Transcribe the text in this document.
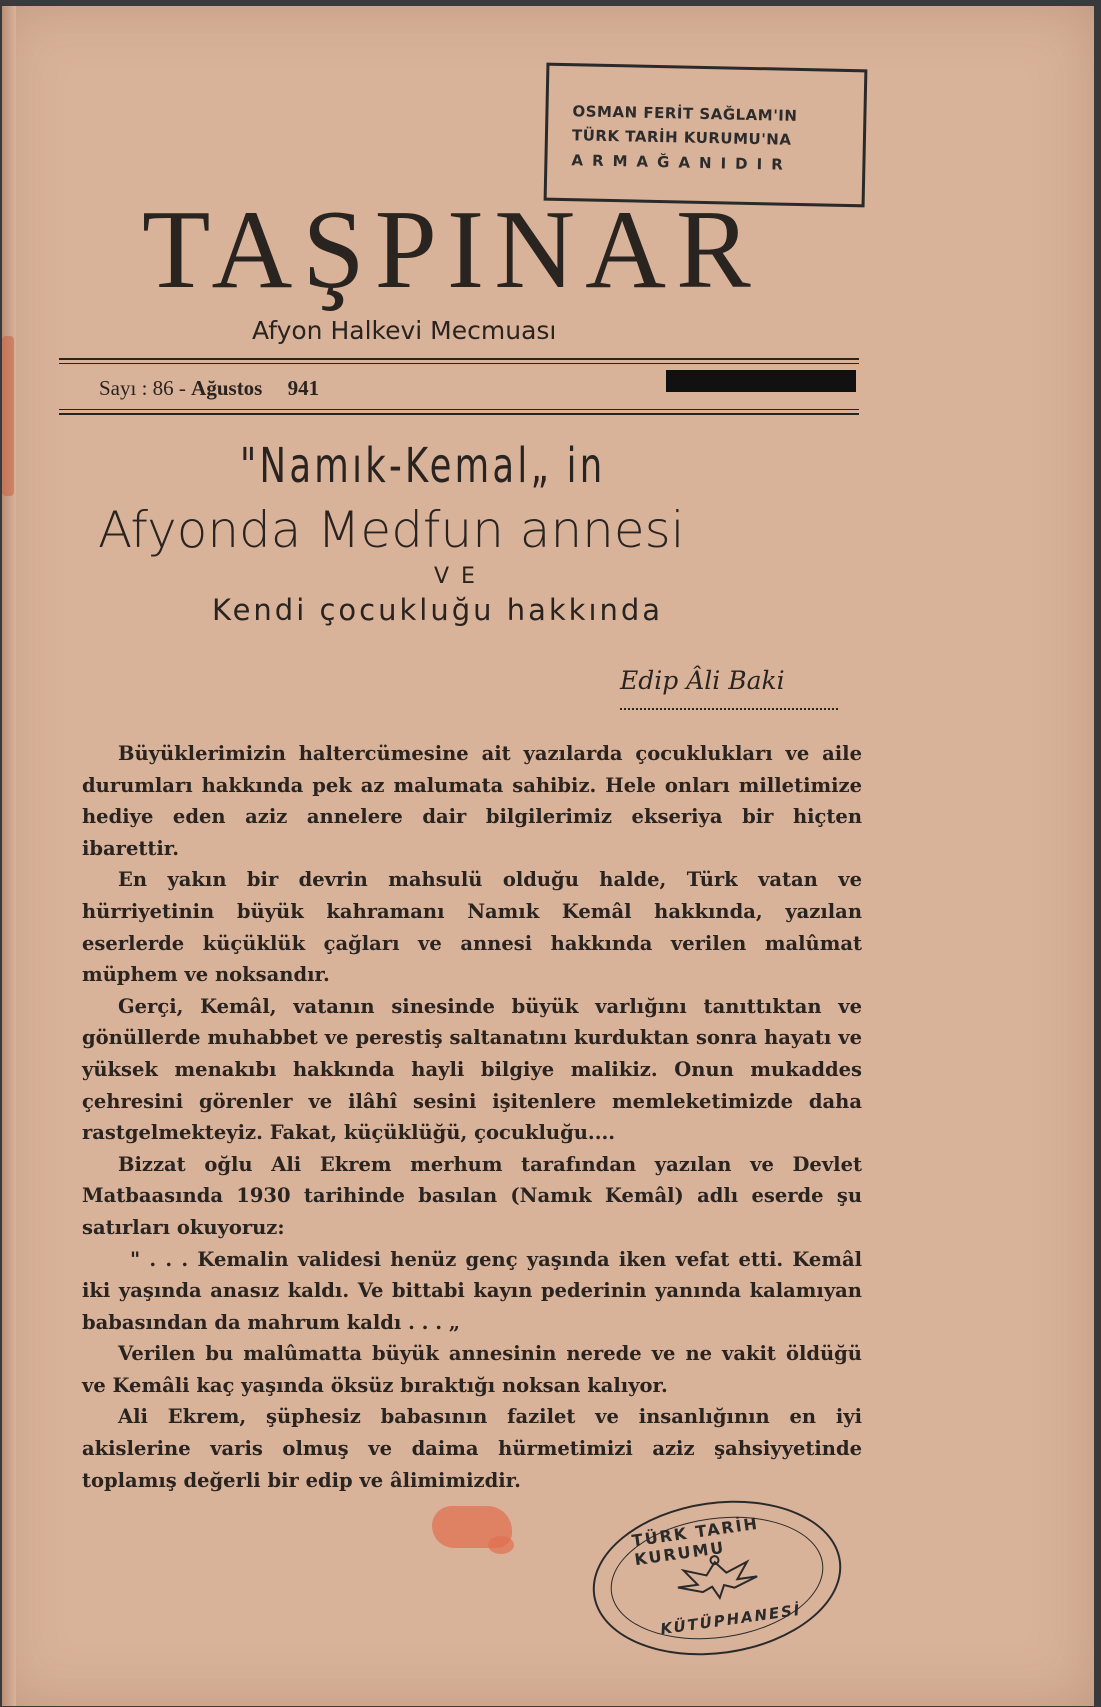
OSMAN FERİT SAĞLAM'IN
TÜRK TARİH KURUMU'NA
ARMAĞANIDIR
TAŞPINAR
Afyon Halkevi Mecmuası
Sayı : 86 - Ağustos 941
"Namık-Kemal„ in
Afyonda Medfun annesi
VE
Kendi çocukluğu hakkında
Edip Âli Baki

Büyüklerimizin haltercümesine ait yazılarda çocuklukları ve aile durumları hakkında pek az malumata sahibiz. Hele onları milletimize hediye eden aziz annelere dair bilgilerimiz ekseriya bir hiçten ibarettir.

En yakın bir devrin mahsulü olduğu halde, Türk vatan ve hürriyetinin büyük kahramanı Namık Kemâl hakkında, yazılan eserlerde küçüklük çağları ve annesi hakkında verilen malûmat müphem ve noksandır.

Gerçi, Kemâl, vatanın sinesinde büyük varlığını tanıttıktan ve gönüllerde muhabbet ve perestiş saltanatını kurduktan sonra hayatı ve yüksek menakıbı hakkında hayli bilgiye malikiz. Onun mukaddes çehresini görenler ve ilâhî sesini işitenlere memleketimizde daha rastgelmekteyiz. Fakat, küçüklüğü, çocukluğu....

Bizzat oğlu Ali Ekrem merhum tarafından yazılan ve Devlet Matbaasında 1930 tarihinde basılan (Namık Kemâl) adlı eserde şu satırları okuyoruz:

" . . . Kemalin validesi henüz genç yaşında iken vefat etti. Kemâl iki yaşında anasız kaldı. Ve bittabi kayın pederinin yanında kalamıyan babasından da mahrum kaldı . . . „

Verilen bu malûmatta büyük annesinin nerede ve ne vakit öldüğü ve Kemâli kaç yaşında öksüz bıraktığı noksan kalıyor.

Ali Ekrem, şüphesiz babasının fazilet ve insanlığının en iyi akislerine varis olmuş ve daima hürmetimizi aziz şahsiyyetinde toplamış değerli bir edip ve âlimimizdir.

TÜRK TARİH KURUMU
KÜTÜPHANESİ
